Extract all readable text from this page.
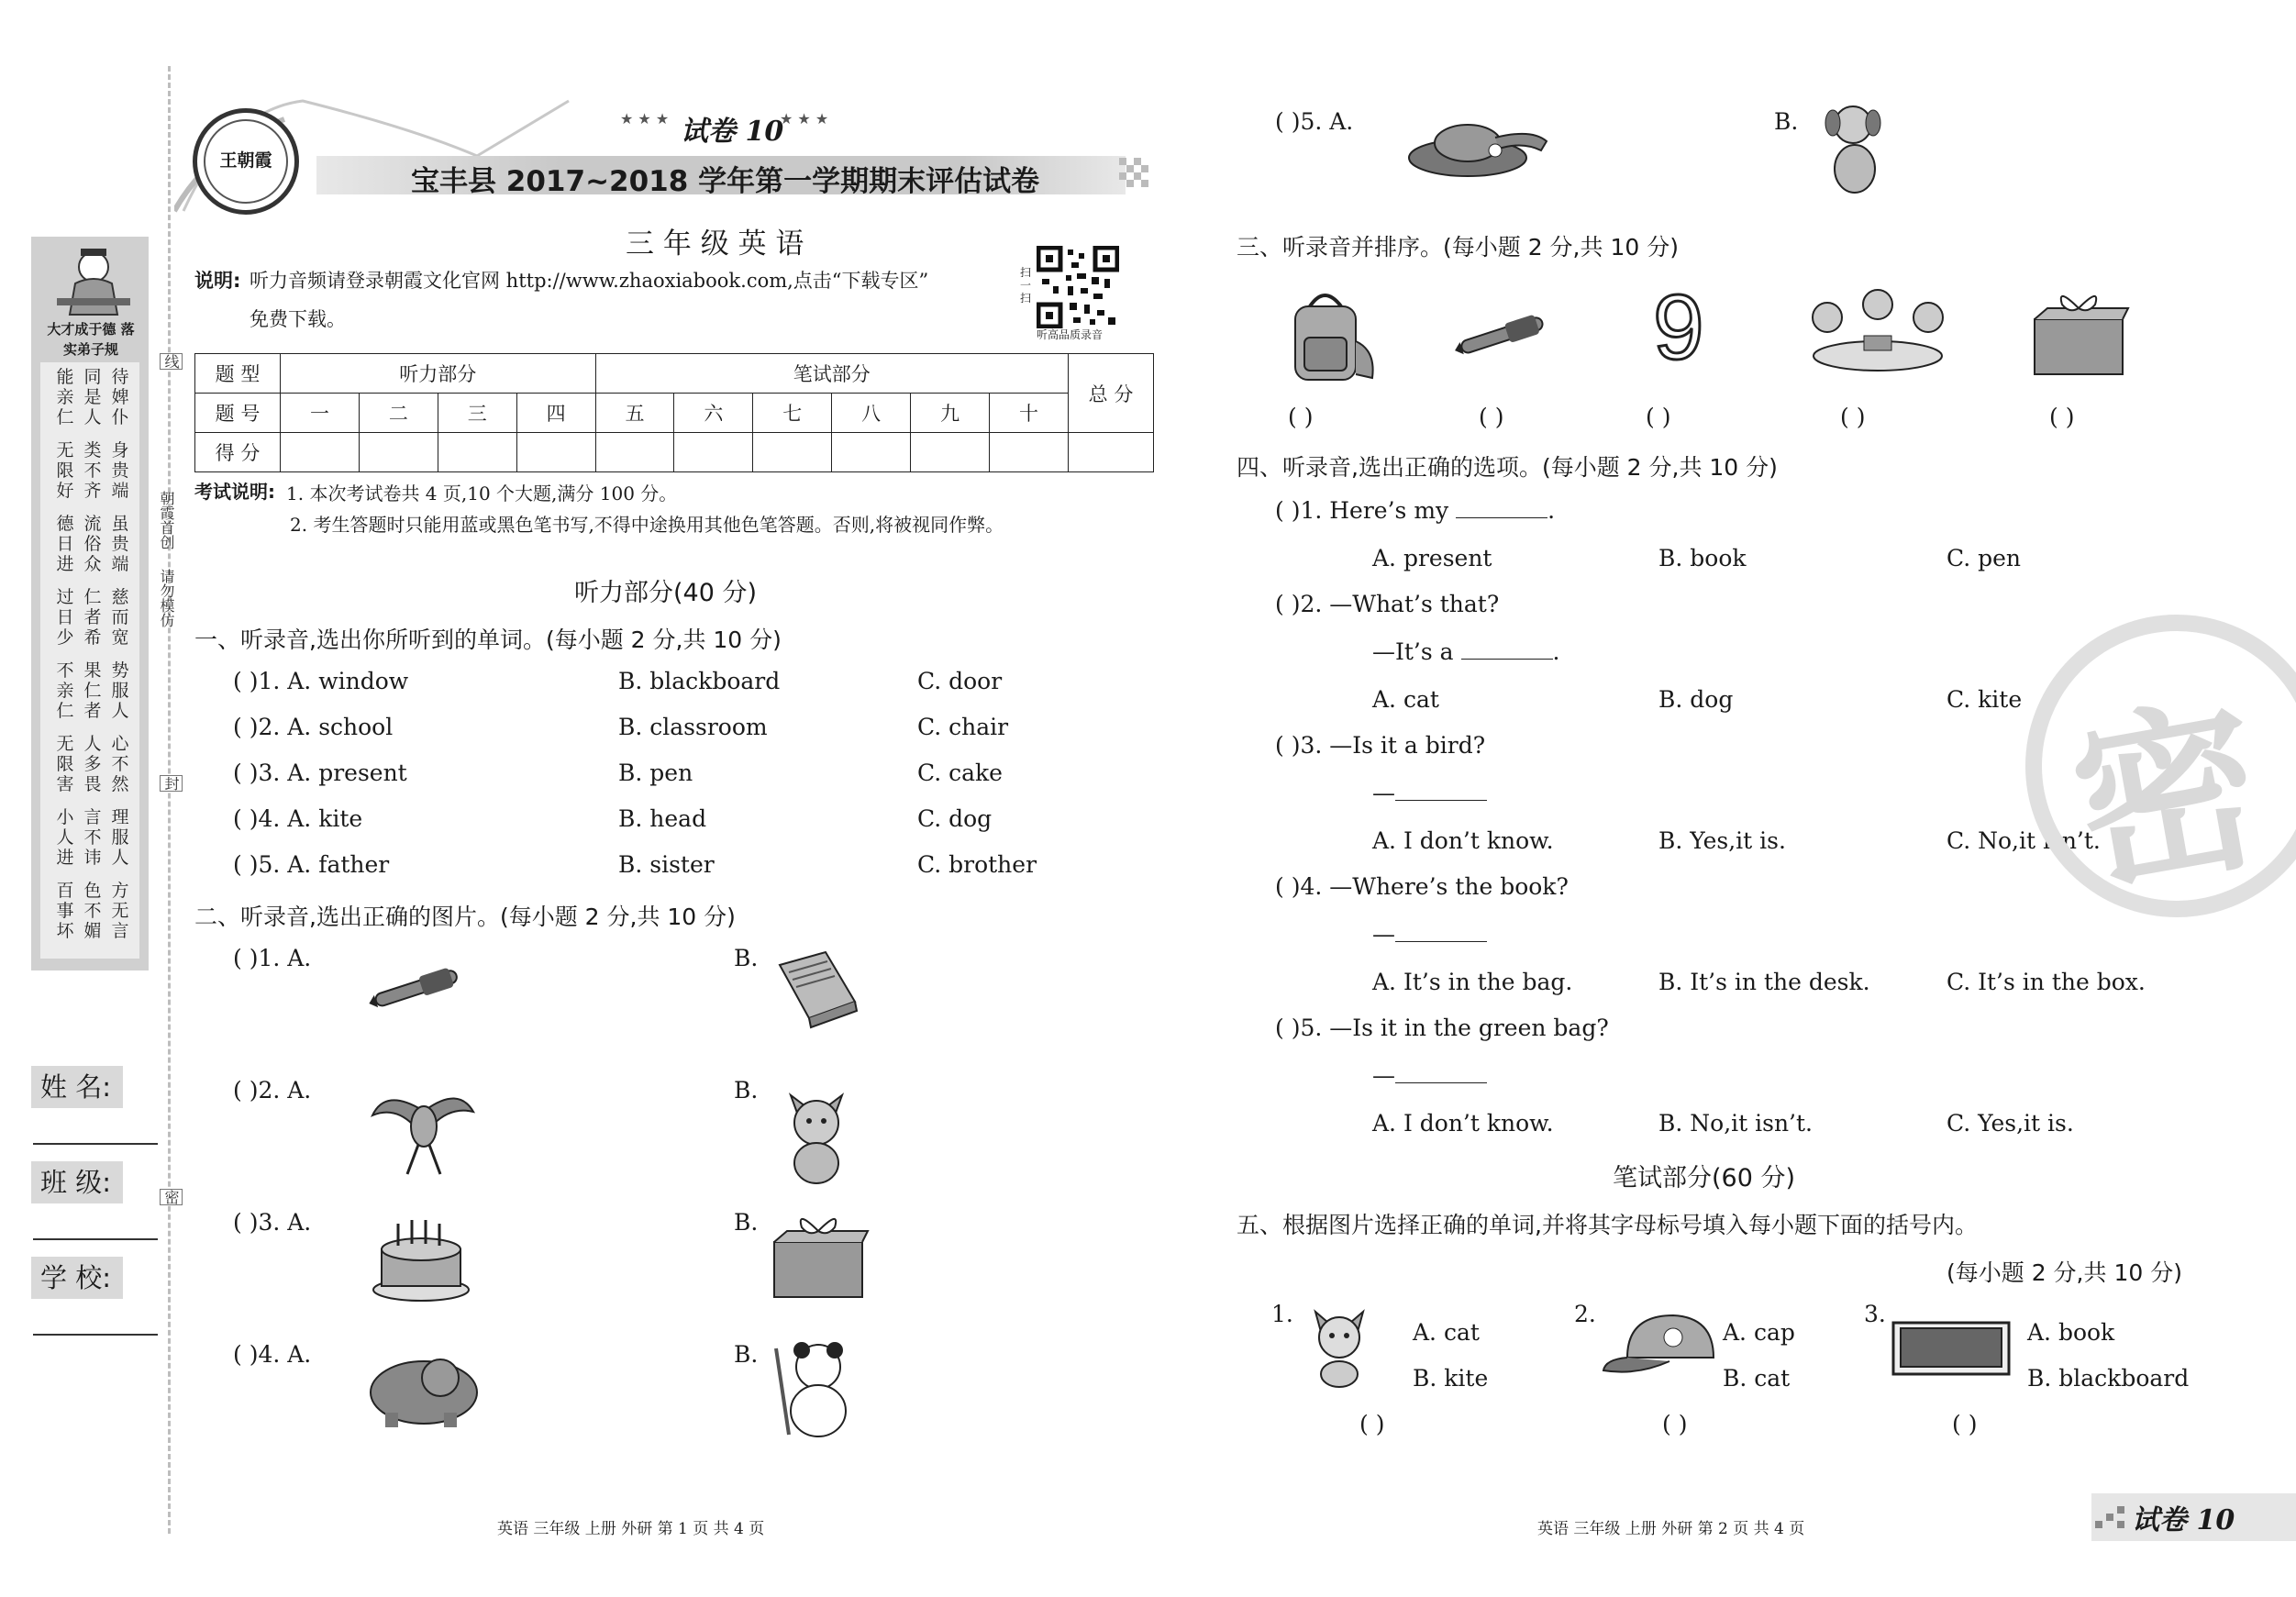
大才成于德 落实弟子规
能亲仁
同是人
待婢仆
无限好
类不齐
身贵端
德日进
流俗众
虽贵端
过日少
仁者希
慈而宽
不亲仁
果仁者
势服人
无限害
人多畏
心不然
小人进
言不讳
理服人
百事坏
色不媚
方无言
朝霞首创
请勿模仿
线
封
密
姓 名:
班 级:
学 校:
王朝霞
★ ★ ★ 试卷 10
★ ★ ★
宝丰县 2017~2018 学年第一学期期末评估试卷
三 年 级 英 语
说明: 听力音频请登录朝霞文化官网 http://www.zhaoxiabook.com,点击“下载专区”
免费下载。
扫一扫
听高品质录音
题 型	听力部分				笔试部分						总 分
题 号	一	二	三	四	五	六	七	八	九	十	
得 分											
考试说明: 1. 本次考试卷共 4 页,10 个大题,满分 100 分。
2. 考生答题时只能用蓝或黑色笔书写,不得中途换用其他色笔答题。否则,将被视同作弊。
听力部分(40 分)
一、听录音,选出你所听到的单词。(每小题 2 分,共 10 分)
( )1. A. window	B. blackboard	C. door
( )2. A. school	B. classroom	C. chair
( )3. A. present	B. pen	C. cake
( )4. A. kite	B. head	C. dog
( )5. A. father	B. sister	C. brother
二、听录音,选出正确的图片。(每小题 2 分,共 10 分)
( )1. A.	B.
( )2. A.	B.
( )3. A.	B.
( )4. A.	B.
( )5. A.	B.
三、听录音并排序。(每小题 2 分,共 10 分)
9
( )	( )	( )	( )	( )
四、听录音,选出正确的选项。(每小题 2 分,共 10 分)
( )1. Here’s my	.
A. present	B. book	C. pen
( )2. —What’s that?
—It’s a	.
A. cat	B. dog	C. kite
( )3. —Is it a bird?
—
A. I don’t know.	B. Yes,it is.	C. No,it isn’t.
( )4. —Where’s the book?
—
A. It’s in the bag.	B. It’s in the desk.	C. It’s in the box.
( )5. —Is it in the green bag?
—
A. I don’t know.	B. No,it isn’t.	C. Yes,it is.
笔试部分(60 分)
五、根据图片选择正确的单词,并将其字母标号填入每小题下面的括号内。
(每小题 2 分,共 10 分)
1.
A. cat
B. kite
( )
2.
A. cap
B. cat
( )
3.
A. book
B. blackboard
( )
密
英语 三年级 上册 外研 第 1 页 共 4 页	英语 三年级 上册 外研 第 2 页 共 4 页	试卷 10
